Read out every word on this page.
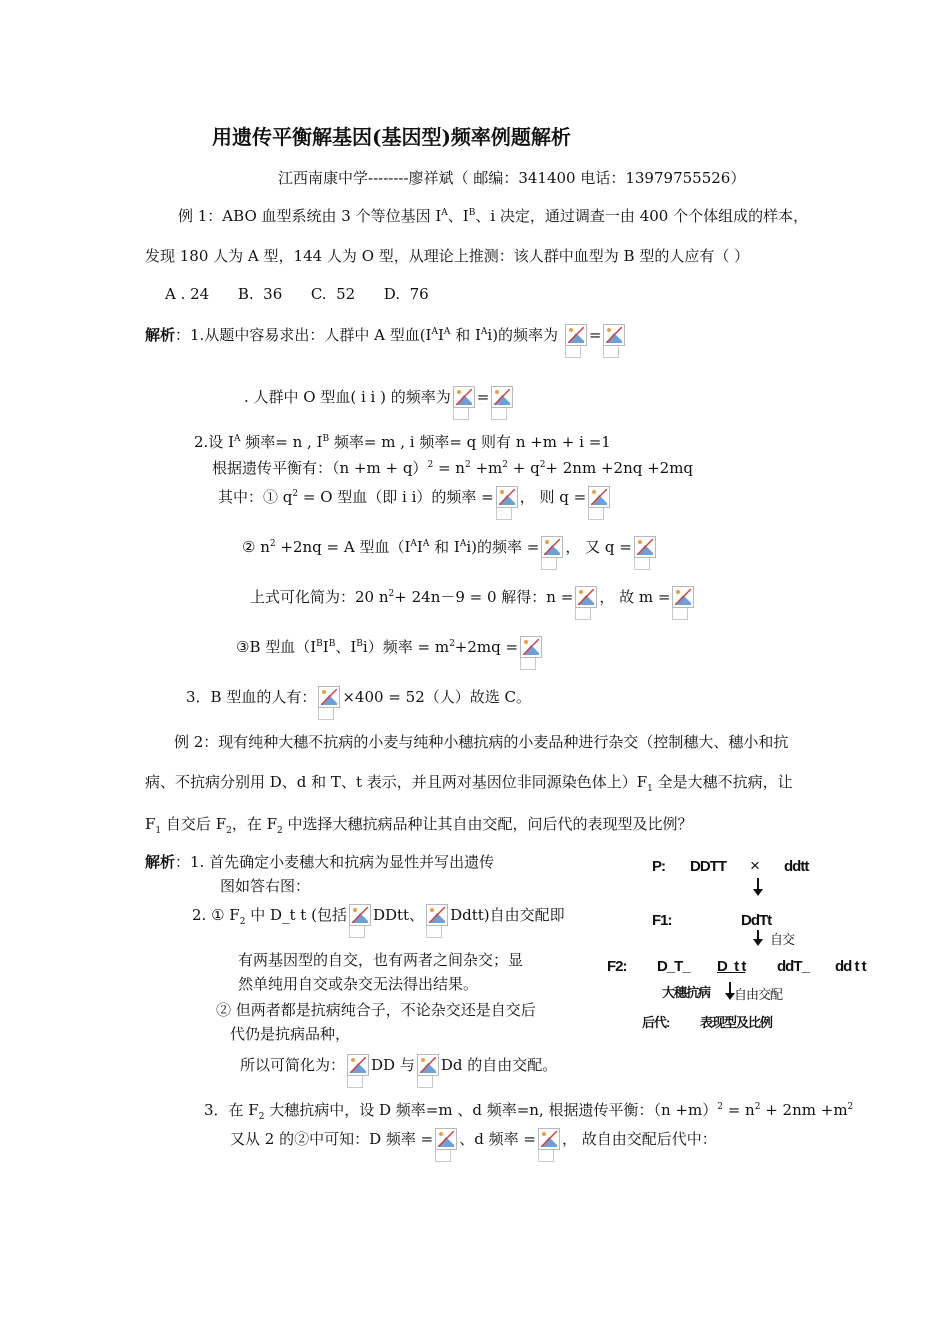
用遗传平衡解基因(基因型)频率例题解析
江西南康中学--------廖祥斌（ 邮编：341400 电话：13979755526）
例 1：ABO 血型系统由 3 个等位基因 $I^A$、$I^B$、i 决定，通过调查一由 400 个个体组成的样本，
发现 180 人为 A 型，144 人为 O 型，从理论上推测：该人群中血型为 B 型的人应有（ ）
A . 24      B.  36      C.  52      D.  76
解析：1.从题中容易求出：人群中 A 型血($I^AI^A$ 和 $I^Ai$)的频率为 =
. 人群中 O 型血( i i ) 的频率为 =
2.设 $I^A$ 频率= n , $I^B$ 频率= m , i 频率= q 则有 n +m + i =1
根据遗传平衡有：$(n +m + q)^2 = n^2 +m^2 + q^2+ 2nm +2nq +2mq$
其中：① $q^2 = O$ 型血（即 i i）的频率 = ， 则 q =
② $n^2 +2nq = A$ 型血（$I^AI^A$ 和 $I^Ai$)的频率 = ， 又 q =
上式可化简为：20 $n^2+ 24n-9 = 0$ 解得：n = ， 故 m =
③B 型血（$I^BI^B$、$I^Bi$）频率 = $m^2+2mq$ =
3．B 型血的人有： ×400 = 52（人）故选 C。
例 2：现有纯种大穗不抗病的小麦与纯种小穗抗病的小麦品种进行杂交（控制穗大、穗小和抗
病、不抗病分别用 D、d 和 T、t 表示，并且两对基因位非同源染色体上）$F_1$ 全是大穗不抗病，让
$F_1$ 自交后 $F_2$，在 $F_2$ 中选择大穗抗病品种让其自由交配，问后代的表现型及比例？
解析：1. 首先确定小麦穗大和抗病为显性并写出遗传
图如答右图：
2. ① $F_2$ 中 D_t t (包括 DDtt、 Ddtt)自由交配即
有两基因型的自交，也有两者之间杂交；显
然单纯用自交或杂交无法得出结果。
② 但两者都是抗病纯合子，不论杂交还是自交后
代仍是抗病品种，
所以可简化为： DD 与 Dd 的自由交配。
3．在 $F_2$ 大穗抗病中，设 D 频率=m 、d 频率=n, 根据遗传平衡：$(n +m)^2 = n^2 + 2nm +m^2$
又从 2 的②中可知：D 频率 = 、d 频率 = ， 故自由交配后代中：
P: DDTT × ddtt
F1:	DdTt
自交
F2: D_T_ D_t t ddT_ dd t t
大穗抗病 自由交配
后代: 表现型及比例
